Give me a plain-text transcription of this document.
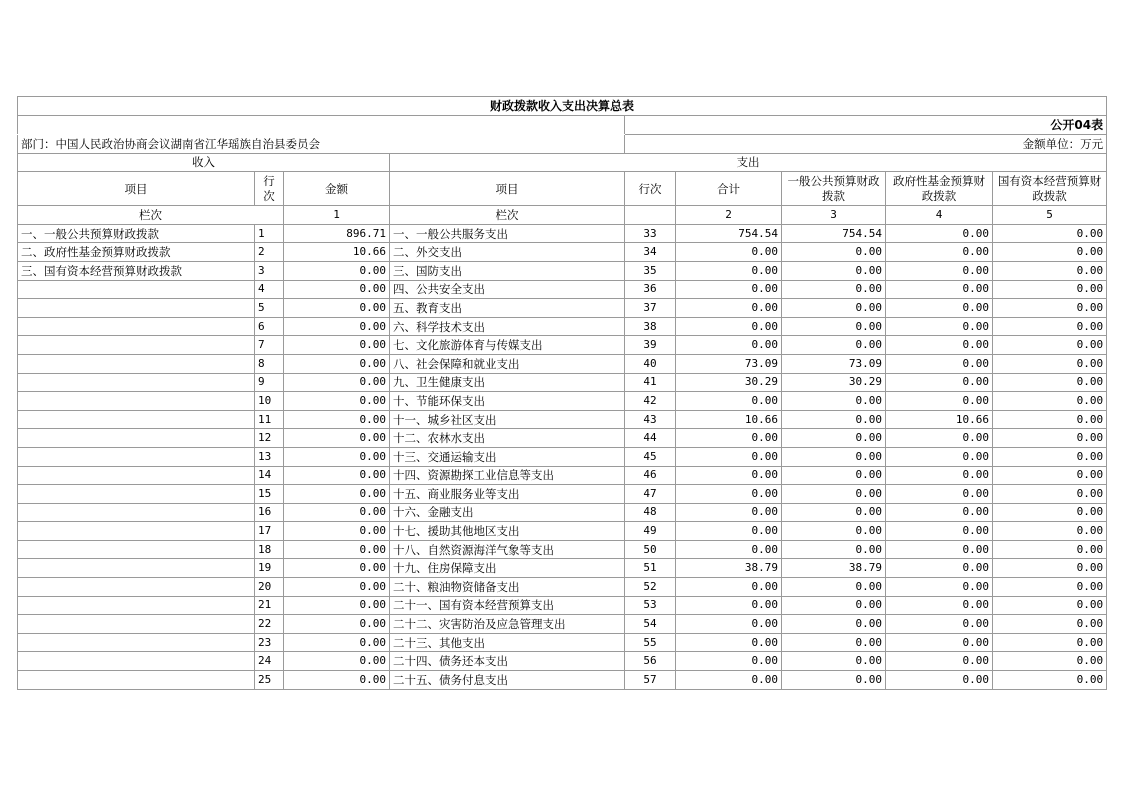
财政拨款收入支出决算总表								
				公开04表				
部门：中国人民政治协商会议湖南省江华瑶族自治县委员会				金额单位：万元				
收入			支出					
项目	行次	金额	项目	行次	合计	一般公共预算财政拨款	政府性基金预算财政拨款	国有资本经营预算财政拨款
栏次		1	栏次		2	3	4	5
一、一般公共预算财政拨款	1	896.71	一、一般公共服务支出	33	754.54	754.54	0.00	0.00
二、政府性基金预算财政拨款	2	10.66	二、外交支出	34	0.00	0.00	0.00	0.00
三、国有资本经营预算财政拨款	3	0.00	三、国防支出	35	0.00	0.00	0.00	0.00
	4	0.00	四、公共安全支出	36	0.00	0.00	0.00	0.00
	5	0.00	五、教育支出	37	0.00	0.00	0.00	0.00
	6	0.00	六、科学技术支出	38	0.00	0.00	0.00	0.00
	7	0.00	七、文化旅游体育与传媒支出	39	0.00	0.00	0.00	0.00
	8	0.00	八、社会保障和就业支出	40	73.09	73.09	0.00	0.00
	9	0.00	九、卫生健康支出	41	30.29	30.29	0.00	0.00
	10	0.00	十、节能环保支出	42	0.00	0.00	0.00	0.00
	11	0.00	十一、城乡社区支出	43	10.66	0.00	10.66	0.00
	12	0.00	十二、农林水支出	44	0.00	0.00	0.00	0.00
	13	0.00	十三、交通运输支出	45	0.00	0.00	0.00	0.00
	14	0.00	十四、资源勘探工业信息等支出	46	0.00	0.00	0.00	0.00
	15	0.00	十五、商业服务业等支出	47	0.00	0.00	0.00	0.00
	16	0.00	十六、金融支出	48	0.00	0.00	0.00	0.00
	17	0.00	十七、援助其他地区支出	49	0.00	0.00	0.00	0.00
	18	0.00	十八、自然资源海洋气象等支出	50	0.00	0.00	0.00	0.00
	19	0.00	十九、住房保障支出	51	38.79	38.79	0.00	0.00
	20	0.00	二十、粮油物资储备支出	52	0.00	0.00	0.00	0.00
	21	0.00	二十一、国有资本经营预算支出	53	0.00	0.00	0.00	0.00
	22	0.00	二十二、灾害防治及应急管理支出	54	0.00	0.00	0.00	0.00
	23	0.00	二十三、其他支出	55	0.00	0.00	0.00	0.00
	24	0.00	二十四、债务还本支出	56	0.00	0.00	0.00	0.00
	25	0.00	二十五、债务付息支出	57	0.00	0.00	0.00	0.00
